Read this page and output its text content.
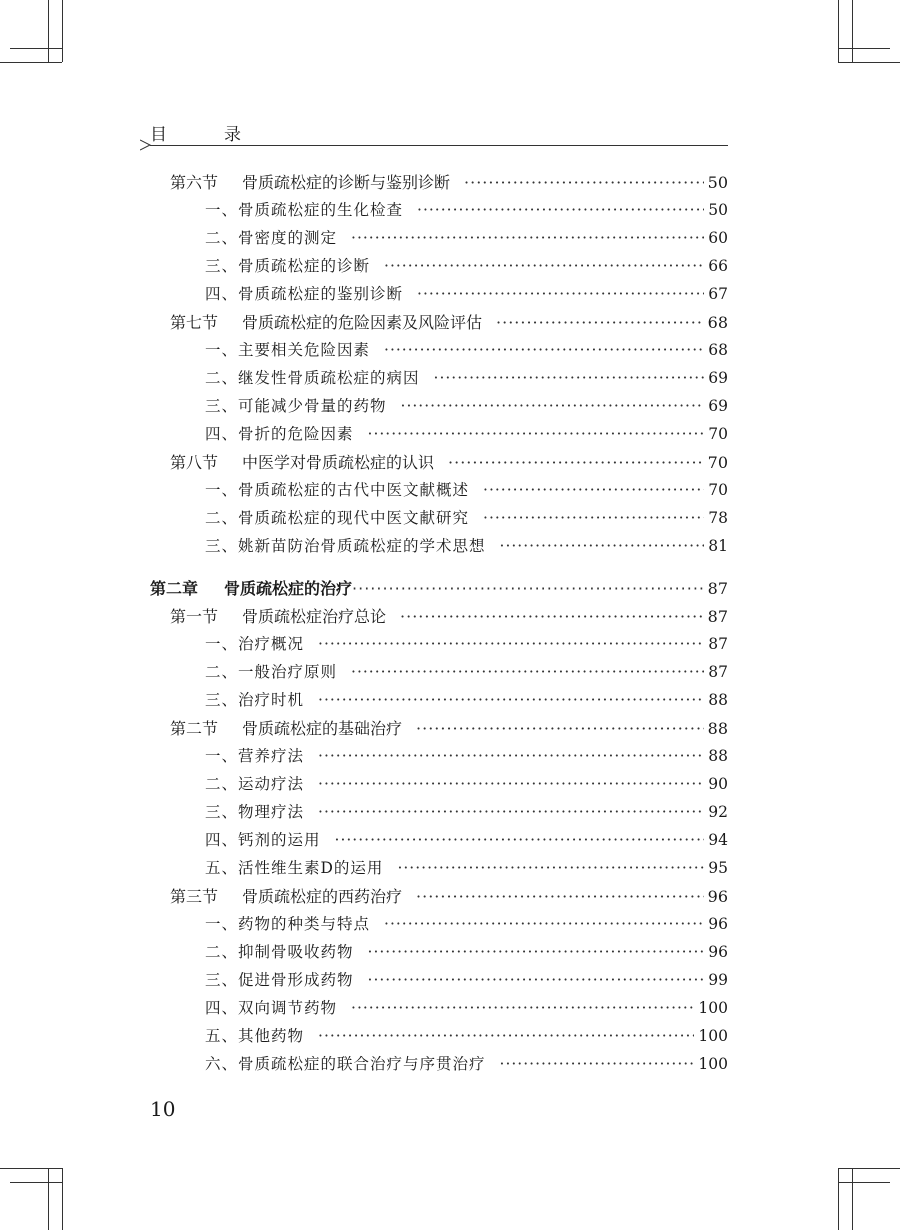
目　录
第六节	骨质疏松症的诊断与鉴别诊断 ·····	50
一、骨质疏松症的生化检查 ·····	50
二、骨密度的测定 ·····	60
三、骨质疏松症的诊断 ·····	66
四、骨质疏松症的鉴别诊断 ·····	67
第七节	骨质疏松症的危险因素及风险评估 ·····	68
一、主要相关危险因素 ·····	68
二、继发性骨质疏松症的病因 ·····	69
三、可能减少骨量的药物 ·····	69
四、骨折的危险因素 ·····	70
第八节	中医学对骨质疏松症的认识 ·····	70
一、骨质疏松症的古代中医文献概述 ·····	70
二、骨质疏松症的现代中医文献研究 ·····	78
三、姚新苗防治骨质疏松症的学术思想 ·····	81
第二章	骨质疏松症的治疗 ·····	87
第一节	骨质疏松症治疗总论 ·····	87
一、治疗概况 ·····	87
二、一般治疗原则 ·····	87
三、治疗时机 ·····	88
第二节	骨质疏松症的基础治疗 ·····	88
一、营养疗法 ·····	88
二、运动疗法 ·····	90
三、物理疗法 ·····	92
四、钙剂的运用 ·····	94
五、活性维生素D的运用 ·····	95
第三节	骨质疏松症的西药治疗 ·····	96
一、药物的种类与特点 ·····	96
二、抑制骨吸收药物 ·····	96
三、促进骨形成药物 ·····	99
四、双向调节药物 ·····	100
五、其他药物 ·····	100
六、骨质疏松症的联合治疗与序贯治疗 ·····	100
10
